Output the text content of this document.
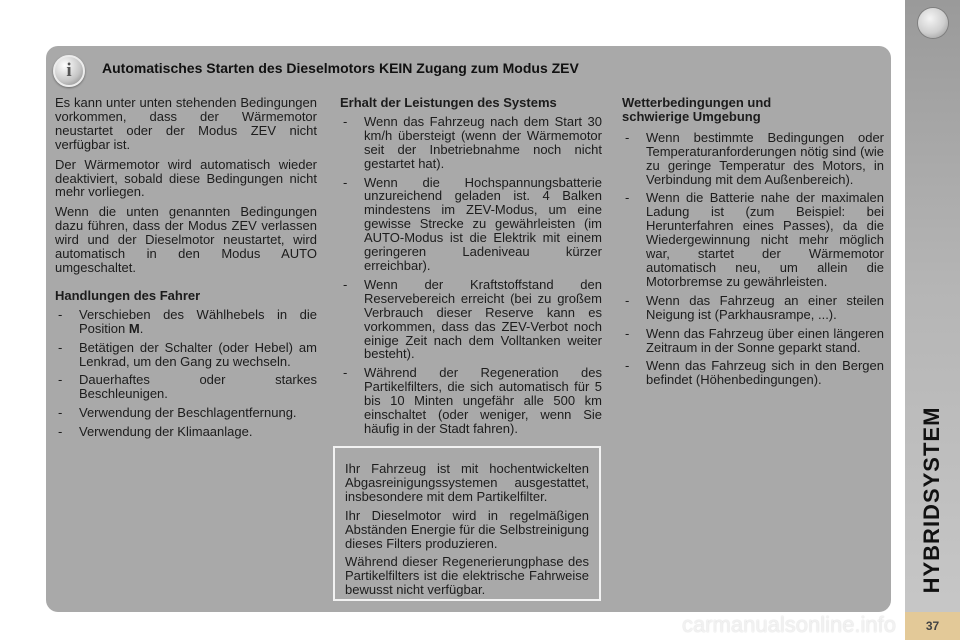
HYBRIDSYSTEM
37
i	Automatisches Starten des Dieselmotors KEIN Zugang zum Modus ZEV

Es kann unter unten stehenden Bedingungen vorkommen, dass der Wärmemotor neustartet oder der Modus ZEV nicht verfügbar ist.

Der Wärmemotor wird automatisch wieder deaktiviert, sobald diese Bedingungen nicht mehr vorliegen.

Wenn die unten genannten Bedingungen dazu führen, dass der Modus ZEV verlassen wird und der Dieselmotor neustartet, wird automatisch in den Modus AUTO umgeschaltet.

Handlungen des Fahrer
- Verschieben des Wählhebels in die Position M.
- Betätigen der Schalter (oder Hebel) am Lenkrad, um den Gang zu wechseln.
- Dauerhaftes oder starkes Beschleunigen.
- Verwendung der Beschlagentfernung.
- Verwendung der Klimaanlage.
Erhalt der Leistungen des Systems
- Wenn das Fahrzeug nach dem Start 30 km/h übersteigt (wenn der Wärmemotor seit der Inbetriebnahme noch nicht gestartet hat).
- Wenn die Hochspannungsbatterie unzureichend geladen ist. 4 Balken mindestens im ZEV-Modus, um eine gewisse Strecke zu gewährleisten (im AUTO-Modus ist die Elektrik mit einem geringeren Ladeniveau kürzer erreichbar).
- Wenn der Kraftstoffstand den Reservebereich erreicht (bei zu großem Verbrauch dieser Reserve kann es vorkommen, dass das ZEV-Verbot noch einige Zeit nach dem Volltanken weiter besteht).
- Während der Regeneration des Partikelfilters, die sich automatisch für 5 bis 10 Minten ungefähr alle 500 km einschaltet (oder weniger, wenn Sie häufig in der Stadt fahren).
Wetterbedingungen und
schwierige Umgebung
- Wenn bestimmte Bedingungen oder Temperaturanforderungen nötig sind (wie zu geringe Temperatur des Motors, in Verbindung mit dem Außenbereich).
- Wenn die Batterie nahe der maximalen Ladung ist (zum Beispiel: bei Herunterfahren eines Passes), da die Wiedergewinnung nicht mehr möglich war, startet der Wärmemotor automatisch neu, um allein die Motorbremse zu gewährleisten.
- Wenn das Fahrzeug an einer steilen Neigung ist (Parkhausrampe, ...).
- Wenn das Fahrzeug über einen längeren Zeitraum in der Sonne geparkt stand.
- Wenn das Fahrzeug sich in den Bergen befindet (Höhenbedingungen).

Ihr Fahrzeug ist mit hochentwickelten Abgasreinigungssystemen ausgestattet, insbesondere mit dem Partikelfilter.

Ihr Dieselmotor wird in regelmäßigen Abständen Energie für die Selbstreinigung dieses Filters produzieren.

Während dieser Regenerierungphase des Partikelfilters ist die elektrische Fahrweise bewusst nicht verfügbar.

carmanualsonline.info
